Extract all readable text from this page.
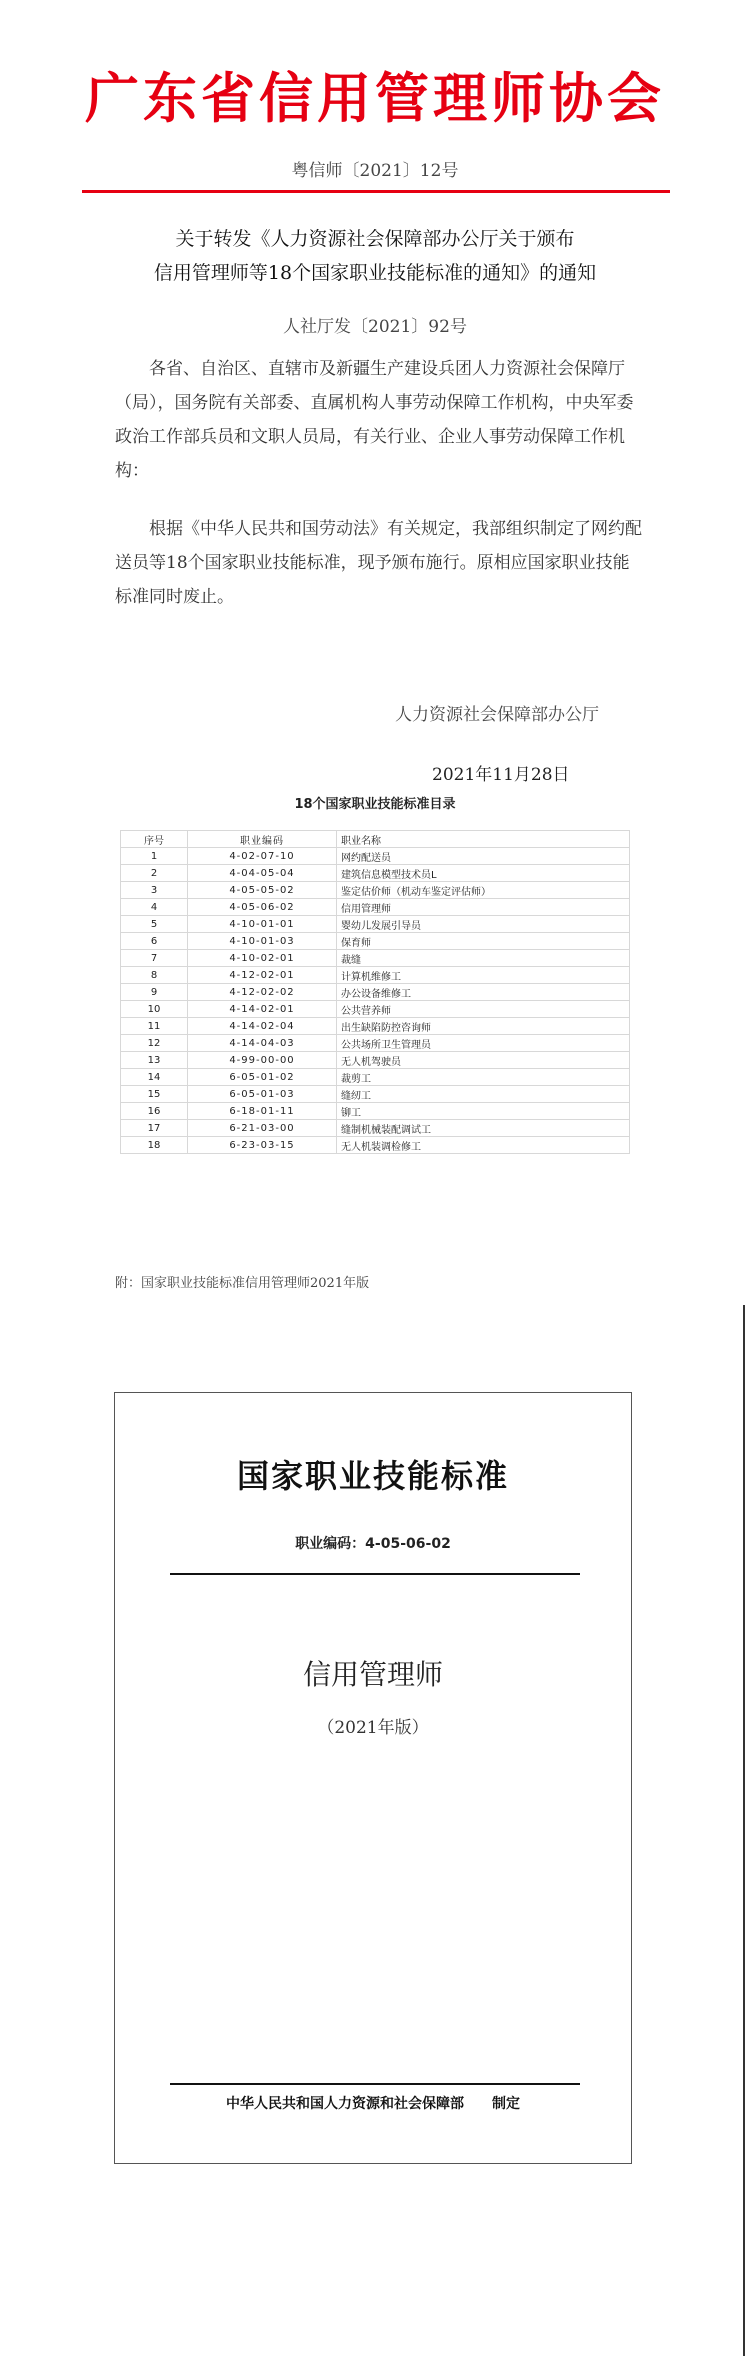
广东省信用管理师协会
粤信师〔2021〕12号
关于转发《人力资源社会保障部办公厅关于颁布
信用管理师等18个国家职业技能标准的通知》的通知
人社厅发〔2021〕92号

各省、自治区、直辖市及新疆生产建设兵团人力资源社会保障厅（局），国务院有关部委、直属机构人事劳动保障工作机构，中央军委政治工作部兵员和文职人员局，有关行业、企业人事劳动保障工作机构：

根据《中华人民共和国劳动法》有关规定，我部组织制定了网约配送员等18个国家职业技能标准，现予颁布施行。原相应国家职业技能标准同时废止。

人力资源社会保障部办公厅
2021年11月28日
18个国家职业技能标准目录
序号	职业编码	职业名称
1	4-02-07-10	网约配送员
2	4-04-05-04	建筑信息模型技术员L
3	4-05-05-02	鉴定估价师（机动车鉴定评估师）
4	4-05-06-02	信用管理师
5	4-10-01-01	婴幼儿发展引导员
6	4-10-01-03	保育师
7	4-10-02-01	裁缝
8	4-12-02-01	计算机维修工
9	4-12-02-02	办公设备维修工
10	4-14-02-01	公共营养师
11	4-14-02-04	出生缺陷防控咨询师
12	4-14-04-03	公共场所卫生管理员
13	4-99-00-00	无人机驾驶员
14	6-05-01-02	裁剪工
15	6-05-01-03	缝纫工
16	6-18-01-11	铆工
17	6-21-03-00	缝制机械装配调试工
18	6-23-03-15	无人机装调检修工
附：国家职业技能标准信用管理师2021年版
国家职业技能标准
职业编码：4-05-06-02
信用管理师
（2021年版）
中华人民共和国人力资源和社会保障部 制定
